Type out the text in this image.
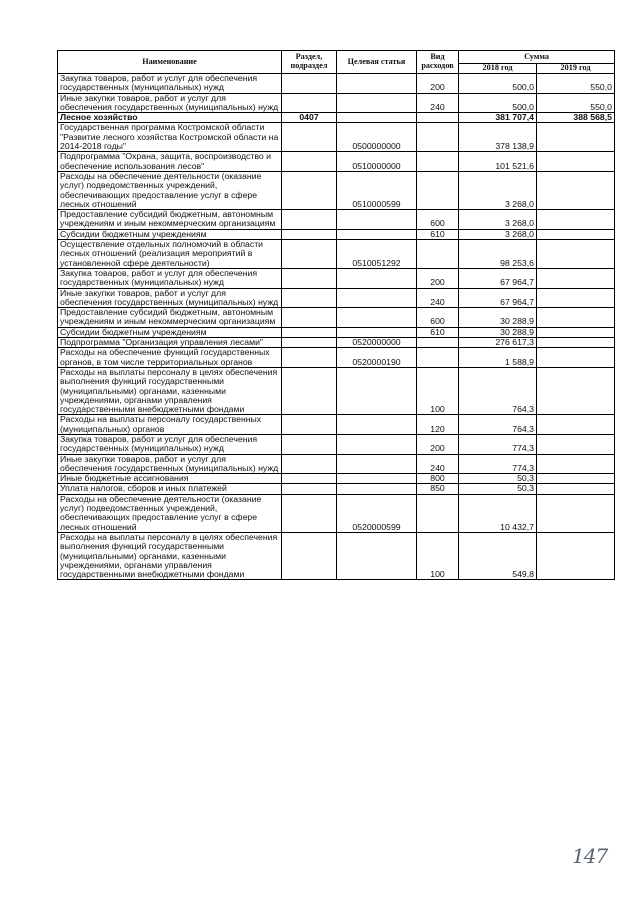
Наименование	Раздел, подраздел	Целевая статья	Вид расходов	Сумма	
				2018 год	2019 год
Закупка товаров, работ и услуг для обеспечения государственных (муниципальных) нужд			200	500,0	550,0
Иные закупки товаров, работ и услуг для обеспечения государственных (муниципальных) нужд			240	500,0	550,0
Лесное хозяйство	0407			381 707,4	388 568,5
Государственная программа Костромской области "Развитие лесного хозяйства Костромской области на 2014-2018 годы"		0500000000		378 138,9	
Подпрограмма "Охрана, защита, воспроизводство и обеспечение использования лесов"		0510000000		101 521,6	
Расходы на обеспечение деятельности (оказание услуг) подведомственных учреждений, обеспечивающих предоставление услуг в сфере лесных отношений		0510000599		3 268,0	
Предоставление субсидий бюджетным, автономным учреждениям и иным некоммерческим организациям			600	3 268,0	
Субсидии бюджетным учреждениям			610	3 268,0	
Осуществление отдельных полномочий в области лесных отношений (реализация мероприятий в установленной сфере деятельности)		0510051292		98 253,6	
Закупка товаров, работ и услуг для обеспечения государственных (муниципальных) нужд			200	67 964,7	
Иные закупки товаров, работ и услуг для обеспечения государственных (муниципальных) нужд			240	67 964,7	
Предоставление субсидий бюджетным, автономным учреждениям и иным некоммерческим организациям			600	30 288,9	
Субсидии бюджетным учреждениям			610	30 288,9	
Подпрограмма "Организация управления лесами"		0520000000		276 617,3	
Расходы на обеспечение функций государственных органов, в том числе территориальных органов		0520000190		1 588,9	
Расходы на выплаты персоналу в целях обеспечения выполнения функций государственными (муниципальными) органами, казенными учреждениями, органами управления государственными внебюджетными фондами			100	764,3	
Расходы на выплаты персоналу государственных (муниципальных) органов			120	764,3	
Закупка товаров, работ и услуг для обеспечения государственных (муниципальных) нужд			200	774,3	
Иные закупки товаров, работ и услуг для обеспечения государственных (муниципальных) нужд			240	774,3	
Иные бюджетные ассигнования			800	50,3	
Уплата налогов, сборов и иных платежей			850	50,3	
Расходы на обеспечение деятельности (оказание услуг) подведомственных учреждений, обеспечивающих предоставление услуг в сфере лесных отношений		0520000599		10 432,7	
Расходы на выплаты персоналу в целях обеспечения выполнения функций государственными (муниципальными) органами, казенными учреждениями, органами управления государственными внебюджетными фондами			100	549,8	
147
